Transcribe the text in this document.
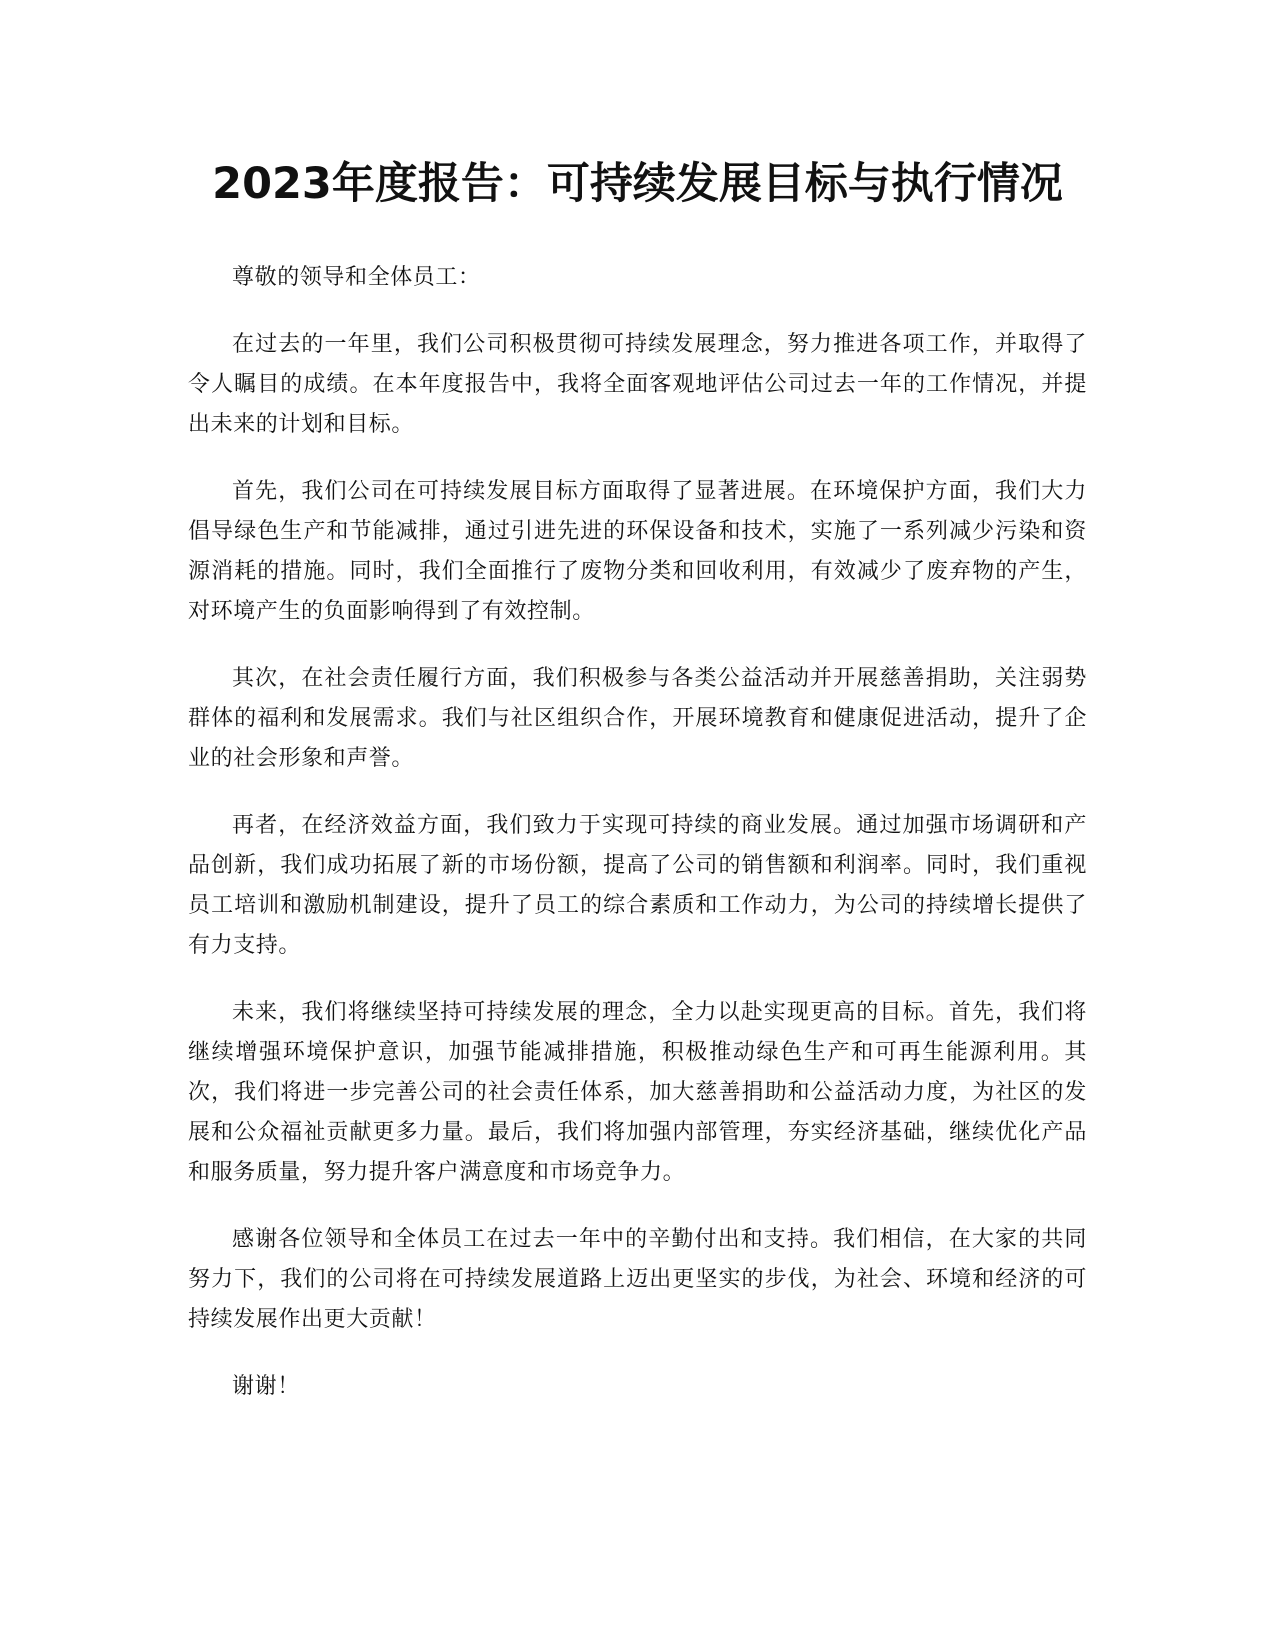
2023年度报告：可持续发展目标与执行情况

尊敬的领导和全体员工：

在过去的一年里，我们公司积极贯彻可持续发展理念，努力推进各项工作，并取得了令人瞩目的成绩。在本年度报告中，我将全面客观地评估公司过去一年的工作情况，并提出未来的计划和目标。

首先，我们公司在可持续发展目标方面取得了显著进展。在环境保护方面，我们大力倡导绿色生产和节能减排，通过引进先进的环保设备和技术，实施了一系列减少污染和资源消耗的措施。同时，我们全面推行了废物分类和回收利用，有效减少了废弃物的产生，对环境产生的负面影响得到了有效控制。

其次，在社会责任履行方面，我们积极参与各类公益活动并开展慈善捐助，关注弱势群体的福利和发展需求。我们与社区组织合作，开展环境教育和健康促进活动，提升了企业的社会形象和声誉。

再者，在经济效益方面，我们致力于实现可持续的商业发展。通过加强市场调研和产品创新，我们成功拓展了新的市场份额，提高了公司的销售额和利润率。同时，我们重视员工培训和激励机制建设，提升了员工的综合素质和工作动力，为公司的持续增长提供了有力支持。

未来，我们将继续坚持可持续发展的理念，全力以赴实现更高的目标。首先，我们将继续增强环境保护意识，加强节能减排措施，积极推动绿色生产和可再生能源利用。其次，我们将进一步完善公司的社会责任体系，加大慈善捐助和公益活动力度，为社区的发展和公众福祉贡献更多力量。最后，我们将加强内部管理，夯实经济基础，继续优化产品和服务质量，努力提升客户满意度和市场竞争力。

感谢各位领导和全体员工在过去一年中的辛勤付出和支持。我们相信，在大家的共同努力下，我们的公司将在可持续发展道路上迈出更坚实的步伐，为社会、环境和经济的可持续发展作出更大贡献！

谢谢！
